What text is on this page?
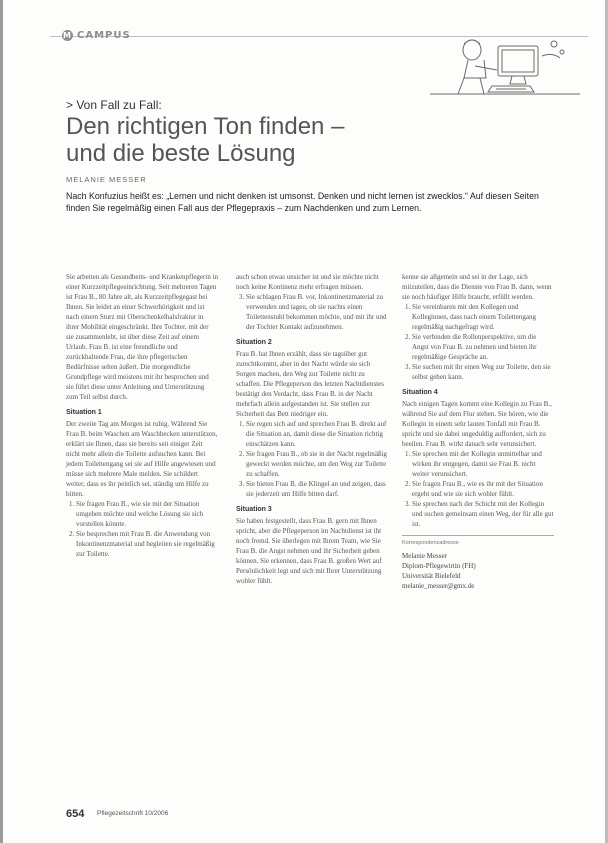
M CAMPUS
> Von Fall zu Fall:
Den richtigen Ton finden –
und die beste Lösung
MELANIE MESSER
Nach Konfuzius heißt es: „Lernen und nicht denken ist umsonst. Denken und nicht lernen ist zwecklos.“ Auf diesen Seiten finden Sie regelmäßig einen Fall aus der Pflegepraxis – zum Nachdenken und zum Lernen.

Sie arbeiten als Gesundheits- und Krankenpflegerin in einer Kurzzeitpflegeeinrichtung. Seit mehreren Tagen ist Frau B., 80 Jahre alt, als Kurzzeitpflegegast bei Ihnen. Sie leidet an einer Schwerhörigkeit und ist nach einem Sturz mit Oberschenkelhalsfraktur in ihrer Mobilität eingeschränkt. Ihre Tochter, mit der sie zusammenlebt, ist über diese Zeit auf einem Urlaub. Frau B. ist eine freundliche und zurückhaltende Frau, die ihre pflegerischen Bedürfnisse selten äußert. Die morgendliche Grundpflege wird meistens mit ihr besprochen und sie führt diese unter Anleitung und Unterstützung zum Teil selbst durch.

Situation 1

Der zweite Tag am Morgen ist ruhig. Während Sie Frau B. beim Waschen am Waschbecken unterstützen, erklärt sie Ihnen, dass sie bereits seit einiger Zeit nicht mehr allein die Toilette aufsuchen kann. Bei jedem Toilettengang sei sie auf Hilfe angewiesen und müsse sich mehrere Male melden. Sie schildert weiter, dass es ihr peinlich sei, ständig um Hilfe zu bitten.

1. Sie fragen Frau B., wie sie mit der Situation umgehen möchte und welche Lösung sie sich vorstellen könnte.
2. Sie besprechen mit Frau B. die Anwendung von Inkontinenzmaterial und begleiten sie regelmäßig zur Toilette.

auch schon etwas unsicher ist und sie möchte nicht noch keine Kontinenz mehr erfragen müssen.

3. Sie schlagen Frau B. vor, Inkontinenzmaterial zu verwenden und tagen, ob sie nachts einen Toilettenstuhl bekommen möchte, und mit ihr und der Tochter Kontakt aufzunehmen.
Situation 2

Frau B. hat Ihnen erzählt, dass sie tagsüber gut zurechtkommt, aber in der Nacht würde sie sich Sorgen machen, den Weg zur Toilette nicht zu schaffen. Die Pflegeperson des letzten Nachtdienstes bestätigt den Verdacht, dass Frau B. in der Nacht mehrfach allein aufgestanden ist. Sie stellen zur Sicherheit das Bett niedriger ein.

1. Sie regen sich auf und sprechen Frau B. direkt auf die Situation an, damit diese die Situation richtig einschätzen kann.
2. Sie fragen Frau B., ob sie in der Nacht regelmäßig geweckt werden möchte, um den Weg zur Toilette zu schaffen.
3. Sie bieten Frau B. die Klingel an und zeigen, dass sie jederzeit um Hilfe bitten darf.
Situation 3

Sie haben festgestellt, dass Frau B. gern mit Ihnen spricht, aber die Pflegeperson im Nachtdienst ist ihr noch fremd. Sie überlegen mit Ihrem Team, wie Sie Frau B. die Angst nehmen und ihr Sicherheit geben können. Sie erkennen, dass Frau B. großen Wert auf Persönlichkeit legt und sich mit Ihrer Unterstützung wohler fühlt.

kenne sie allgemein und sei in der Lage, sich mitzuteilen, dass die Dienste von Frau B. dann, wenn sie noch häufiger Hilfe braucht, erfüllt werden.

1. Sie vereinbaren mit den Kollegen und Kolleginnen, dass nach einem Toilettengang regelmäßig nachgefragt wird.
2. Sie verbinden die Rollenperspektive, um die Angst von Frau B. zu nehmen und bieten ihr regelmäßige Gespräche an.
3. Sie suchen mit ihr einen Weg zur Toilette, den sie selbst gehen kann.
Situation 4

Nach einigen Tagen kommt eine Kollegin zu Frau B., während Sie auf dem Flur stehen. Sie hören, wie die Kollegin in einem sehr lauten Tonfall mit Frau B. spricht und sie dabei ungeduldig auffordert, sich zu beeilen. Frau B. wirkt danach sehr verunsichert.

1. Sie sprechen mit der Kollegin unmittelbar und wirken ihr entgegen, damit sie Frau B. nicht weiter verunsichert.
2. Sie fragen Frau B., wie es ihr mit der Situation ergeht und wie sie sich wohler fühlt.
3. Sie sprechen nach der Schicht mit der Kollegin und suchen gemeinsam einen Weg, der für alle gut ist.
Korrespondenzadresse
Melanie Messer
Diplom-Pflegewirtin (FH)
Universität Bielefeld
melanie_messer@gmx.de
654 Pflegezeitschrift 10/2006
